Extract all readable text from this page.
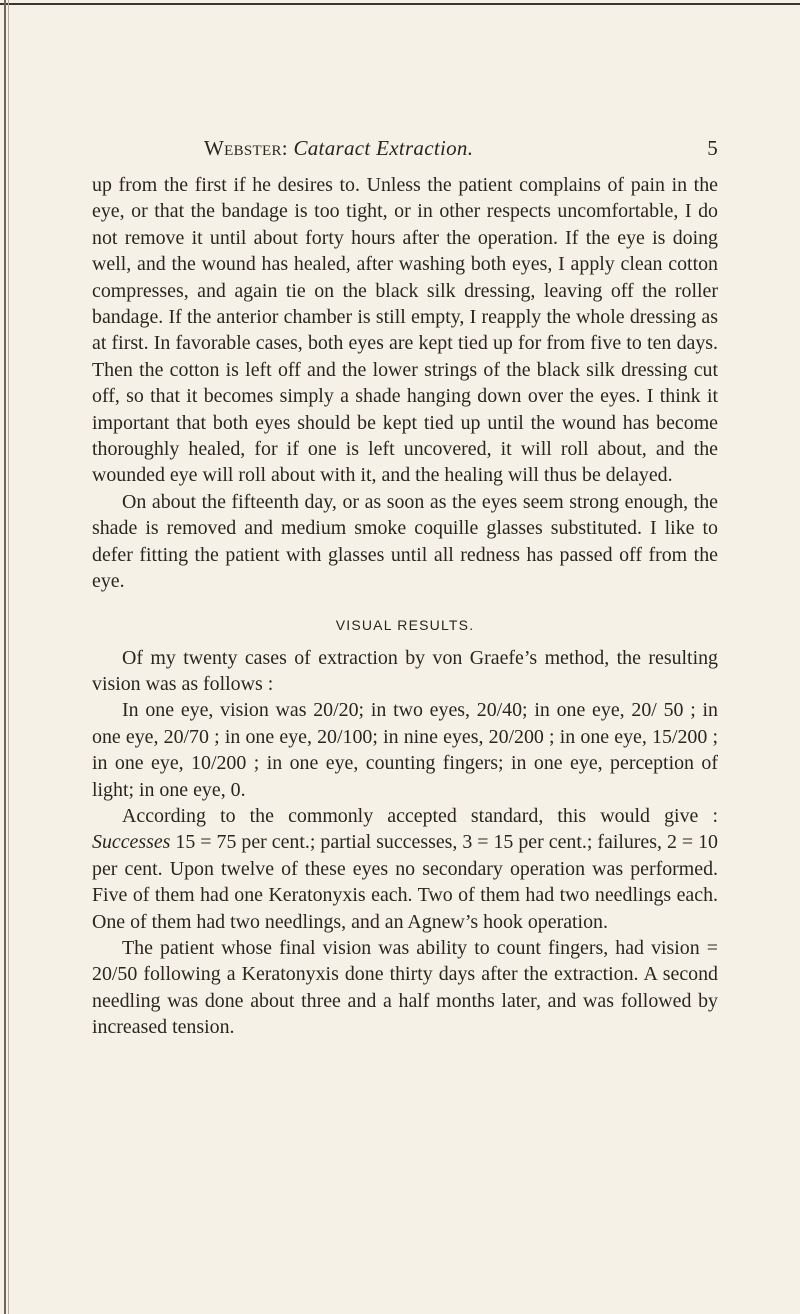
Webster: Cataract Extraction.	5

up from the first if he desires to. Unless the patient complains of pain in the eye, or that the bandage is too tight, or in other respects uncomfortable, I do not remove it until about forty hours after the operation. If the eye is doing well, and the wound has healed, after washing both eyes, I apply clean cotton compresses, and again tie on the black silk dressing, leaving off the roller bandage. If the anterior chamber is still empty, I reapply the whole dressing as at first. In favorable cases, both eyes are kept tied up for from five to ten days. Then the cotton is left off and the lower strings of the black silk dressing cut off, so that it becomes simply a shade hanging down over the eyes. I think it important that both eyes should be kept tied up until the wound has become thoroughly healed, for if one is left uncovered, it will roll about, and the wounded eye will roll about with it, and the healing will thus be delayed.

On about the fifteenth day, or as soon as the eyes seem strong enough, the shade is removed and medium smoke coquille glasses substituted. I like to defer fitting the patient with glasses until all redness has passed off from the eye.

VISUAL RESULTS.

Of my twenty cases of extraction by von Graefe’s method, the resulting vision was as follows :

In one eye, vision was 20/20; in two eyes, 20/40; in one eye, 20/ 50 ; in one eye, 20/70 ; in one eye, 20/100; in nine eyes, 20/200 ; in one eye, 15/200 ; in one eye, 10/200 ; in one eye, counting fingers; in one eye, perception of light; in one eye, 0.

According to the commonly accepted standard, this would give : Successes 15 = 75 per cent.; partial successes, 3 = 15 per cent.; failures, 2 = 10 per cent. Upon twelve of these eyes no secondary operation was performed. Five of them had one Keratonyxis each. Two of them had two needlings each. One of them had two needlings, and an Agnew’s hook operation.

The patient whose final vision was ability to count fingers, had vision = 20/50 following a Keratonyxis done thirty days after the extraction. A second needling was done about three and a half months later, and was followed by increased tension.
